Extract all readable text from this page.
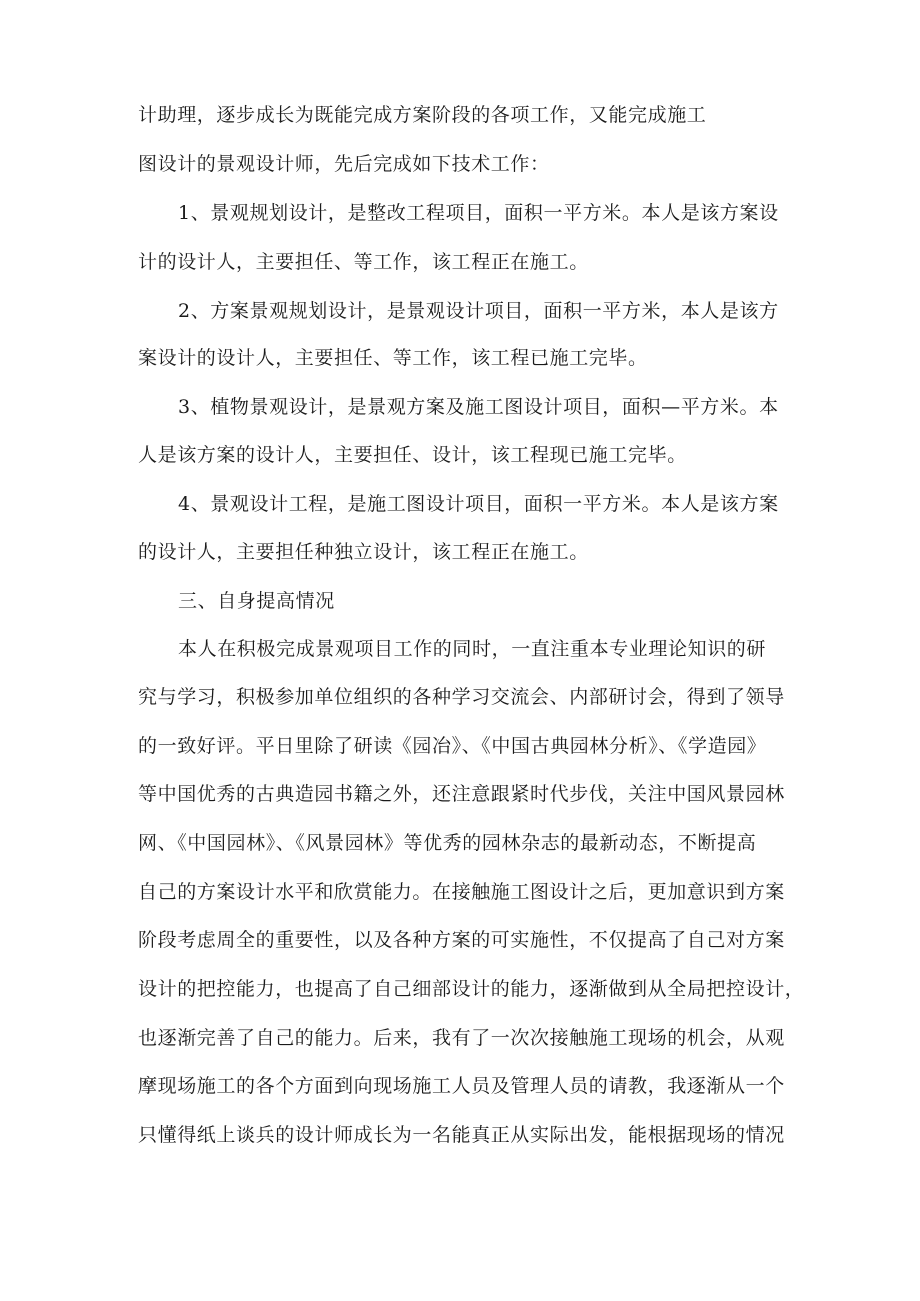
计助理，逐步成长为既能完成方案阶段的各项工作，又能完成施工
图设计的景观设计师，先后完成如下技术工作：
1、景观规划设计，是整改工程项目，面积一平方米。本人是该方案设
计的设计人，主要担任、等工作，该工程正在施工。
2、方案景观规划设计，是景观设计项目，面积一平方米，本人是该方
案设计的设计人，主要担任、等工作，该工程已施工完毕。
3、植物景观设计，是景观方案及施工图设计项目，面积—平方米。本
人是该方案的设计人，主要担任、设计，该工程现已施工完毕。
4、景观设计工程，是施工图设计项目，面积一平方米。本人是该方案
的设计人，主要担任种独立设计，该工程正在施工。
三、自身提高情况
本人在积极完成景观项目工作的同时，一直注重本专业理论知识的研
究与学习，积极参加单位组织的各种学习交流会、内部研讨会，得到了领导
的一致好评。平日里除了研读《园冶》、《中国古典园林分析》、《学造园》
等中国优秀的古典造园书籍之外，还注意跟紧时代步伐，关注中国风景园林
网、《中国园林》、《风景园林》等优秀的园林杂志的最新动态，不断提高
自己的方案设计水平和欣赏能力。在接触施工图设计之后，更加意识到方案
阶段考虑周全的重要性，以及各种方案的可实施性，不仅提高了自己对方案
设计的把控能力，也提高了自己细部设计的能力，逐渐做到从全局把控设计，
也逐渐完善了自己的能力。后来，我有了一次次接触施工现场的机会，从观
摩现场施工的各个方面到向现场施工人员及管理人员的请教，我逐渐从一个
只懂得纸上谈兵的设计师成长为一名能真正从实际出发，能根据现场的情况
